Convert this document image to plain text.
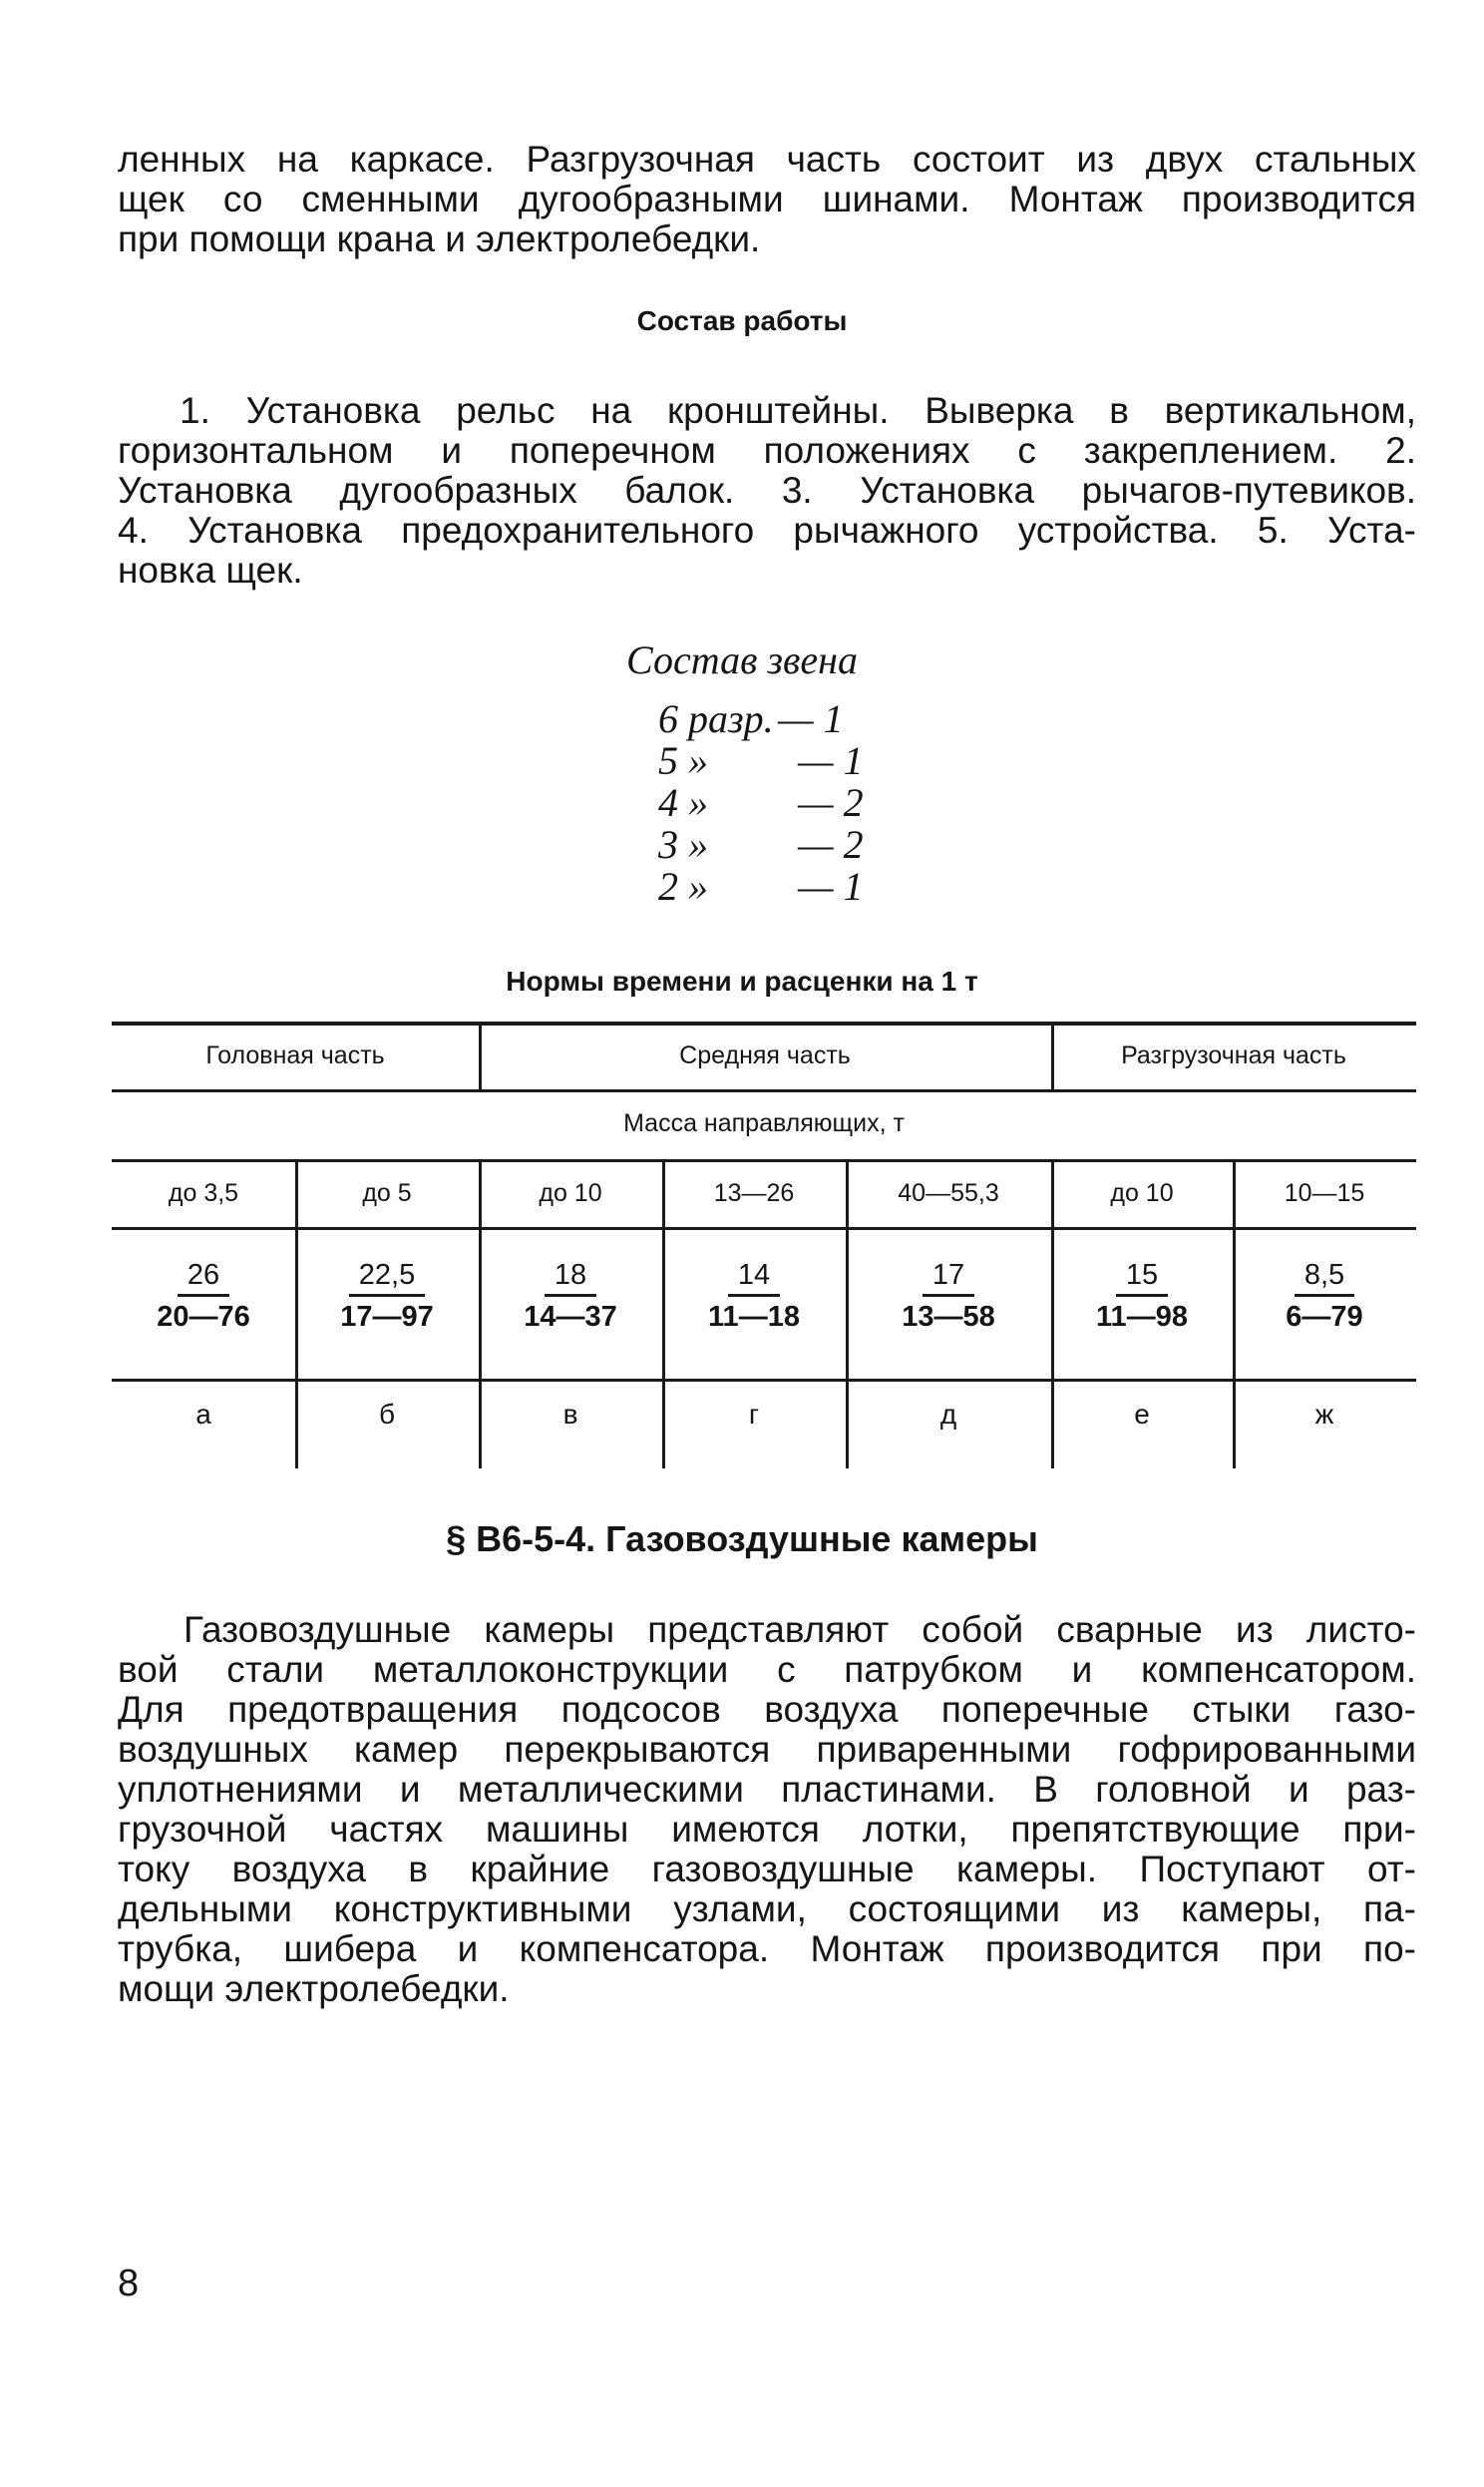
ленных на каркасе. Разгрузочная часть состоит из двух стальных
щек со сменными дугообразными шинами. Монтаж производится
при помощи крана и электролебедки.
Состав работы
1. Установка рельс на кронштейны. Выверка в вертикальном,
горизонтальном и поперечном положениях с закреплением. 2.
Установка дугообразных балок. 3. Установка рычагов-путевиков.
4. Установка предохранительного рычажного устройства. 5. Уста-
новка щек.
Состав звена
6 разр. — 1
5 » — 1
4 » — 2
3 » — 2
2 » — 1
Нормы времени и расценки на 1 т
Головная часть	Средняя часть	Разгрузочная часть
Масса направляющих, т
до 3,5	до 5	до 10	13—26	40—55,3	до 10	10—15
$\frac{26}{20—76} \frac{22,5}{17—97} \frac{18}{14—37} \frac{14}{11—18} \frac{17}{13—58} \frac{15}{11—98} \frac{8,5}{6—79}$
а	б	в	г	д	е	ж
§ В6-5-4. Газовоздушные камеры
Газовоздушные камеры представляют собой сварные из листо-
вой стали металлоконструкции с патрубком и компенсатором.
Для предотвращения подсосов воздуха поперечные стыки газо-
воздушных камер перекрываются приваренными гофрированными
уплотнениями и металлическими пластинами. В головной и раз-
грузочной частях машины имеются лотки, препятствующие при-
току воздуха в крайние газовоздушные камеры. Поступают от-
дельными конструктивными узлами, состоящими из камеры, па-
трубка, шибера и компенсатора. Монтаж производится при по-
мощи электролебедки.
8
